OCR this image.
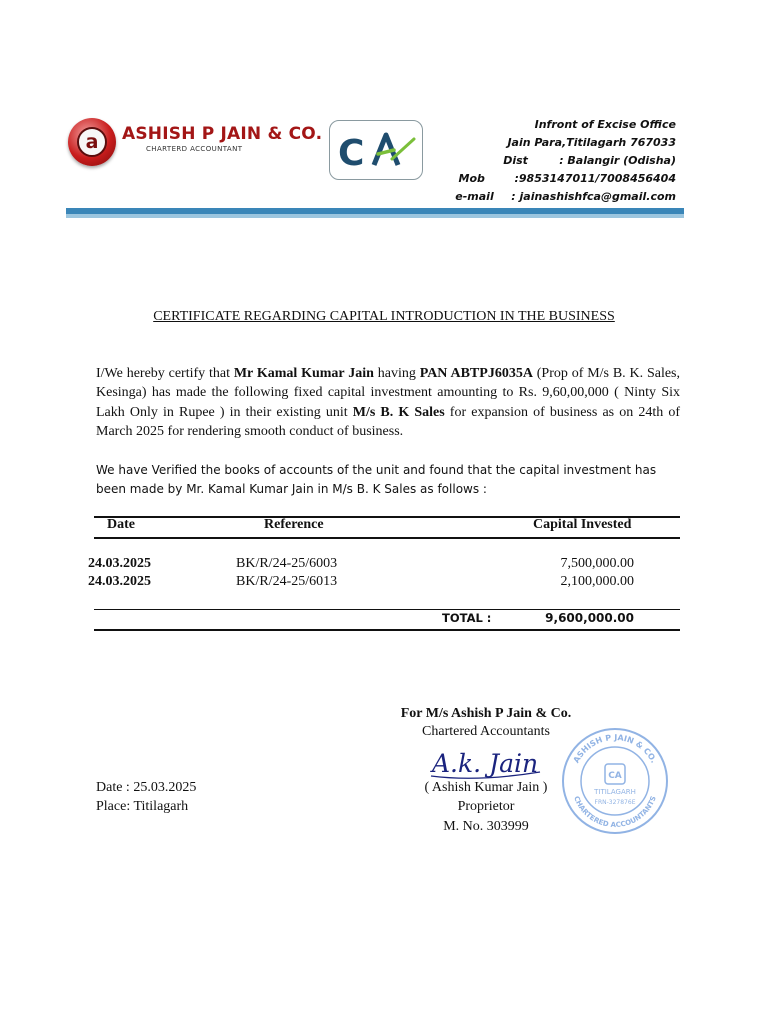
a	ASHISH P JAIN & CO.
CHARTERD ACCOUNTANT	C
Infront of Excise Office
Jain Para,Titilagarh 767033
Dist	: Balangir (Odisha)
Mob	:9853147011/7008456404
e-mail	: jainashishfca@gmail.com
CERTIFICATE REGARDING CAPITAL INTRODUCTION IN THE BUSINESS
I/We hereby certify that Mr Kamal Kumar Jain having PAN ABTPJ6035A (Prop of M/s B. K. Sales, Kesinga) has made the following fixed capital investment amounting to Rs. 9,60,00,000 ( Ninty Six Lakh Only in Rupee ) in their existing unit M/s B. K Sales for expansion of business as on 24th of March 2025 for rendering smooth conduct of business.
We have Verified the books of accounts of the unit and found that the capital investment has been made by Mr. Kamal Kumar Jain in M/s B. K Sales as follows :
Date	Reference	Capital Invested
24.03.2025	BK/R/24-25/6003	7,500,000.00
24.03.2025	BK/R/24-25/6013	2,100,000.00
TOTAL :	9,600,000.00
For M/s Ashish P Jain & Co.
Chartered Accountants
A.k. Jain
( Ashish Kumar Jain )
Proprietor
M. No. 303999
ASHISH P JAIN & CO.
CHARTERED ACCOUNTANTS
CA
TITILAGARH
FRN-327876E
Date : 25.03.2025
Place: Titilagarh
